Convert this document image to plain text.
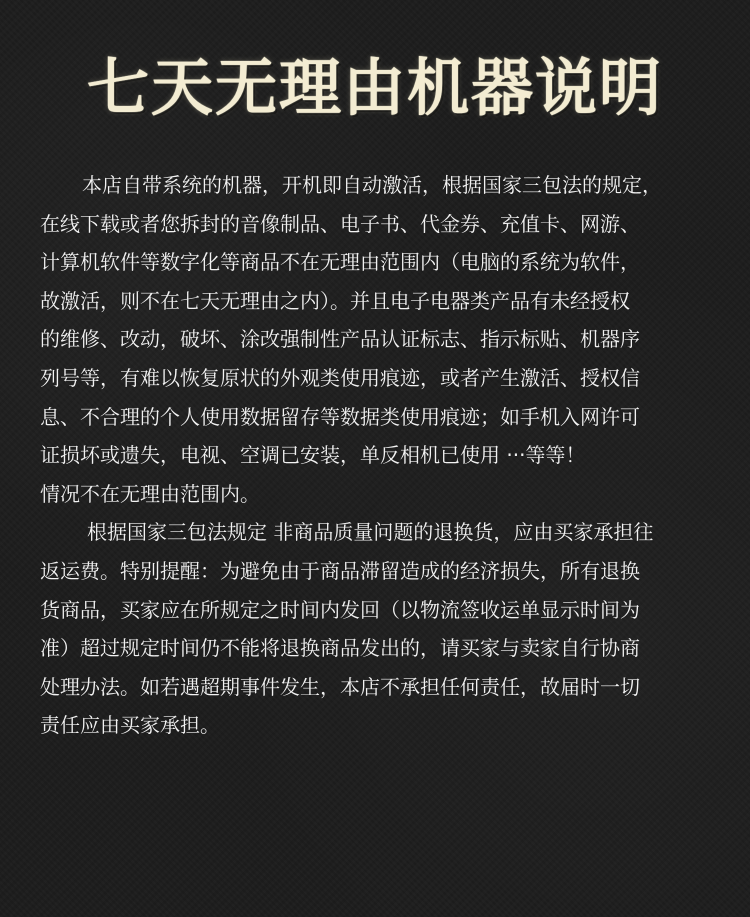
七天无理由机器说明

本店自带系统的机器，开机即自动激活，根据国家三包法的规定，
在线下载或者您拆封的音像制品、电子书、代金券、充值卡、网游、
计算机软件等数字化等商品不在无理由范围内（电脑的系统为软件，
故激活，则不在七天无理由之内）。并且电子电器类产品有未经授权
的维修、改动，破坏、涂改强制性产品认证标志、指示标贴、机器序
列号等，有难以恢复原状的外观类使用痕迹，或者产生激活、授权信
息、不合理的个人使用数据留存等数据类使用痕迹；如手机入网许可
证损坏或遗失，电视、空调已安装，单反相机已使用 ···等等！
情况不在无理由范围内。

根据国家三包法规定 非商品质量问题的退换货，应由买家承担往
返运费。特别提醒：为避免由于商品滞留造成的经济损失，所有退换
货商品，买家应在所规定之时间内发回（以物流签收运单显示时间为
准）超过规定时间仍不能将退换商品发出的，请买家与卖家自行协商
处理办法。如若遇超期事件发生，本店不承担任何责任，故届时一切
责任应由买家承担。
